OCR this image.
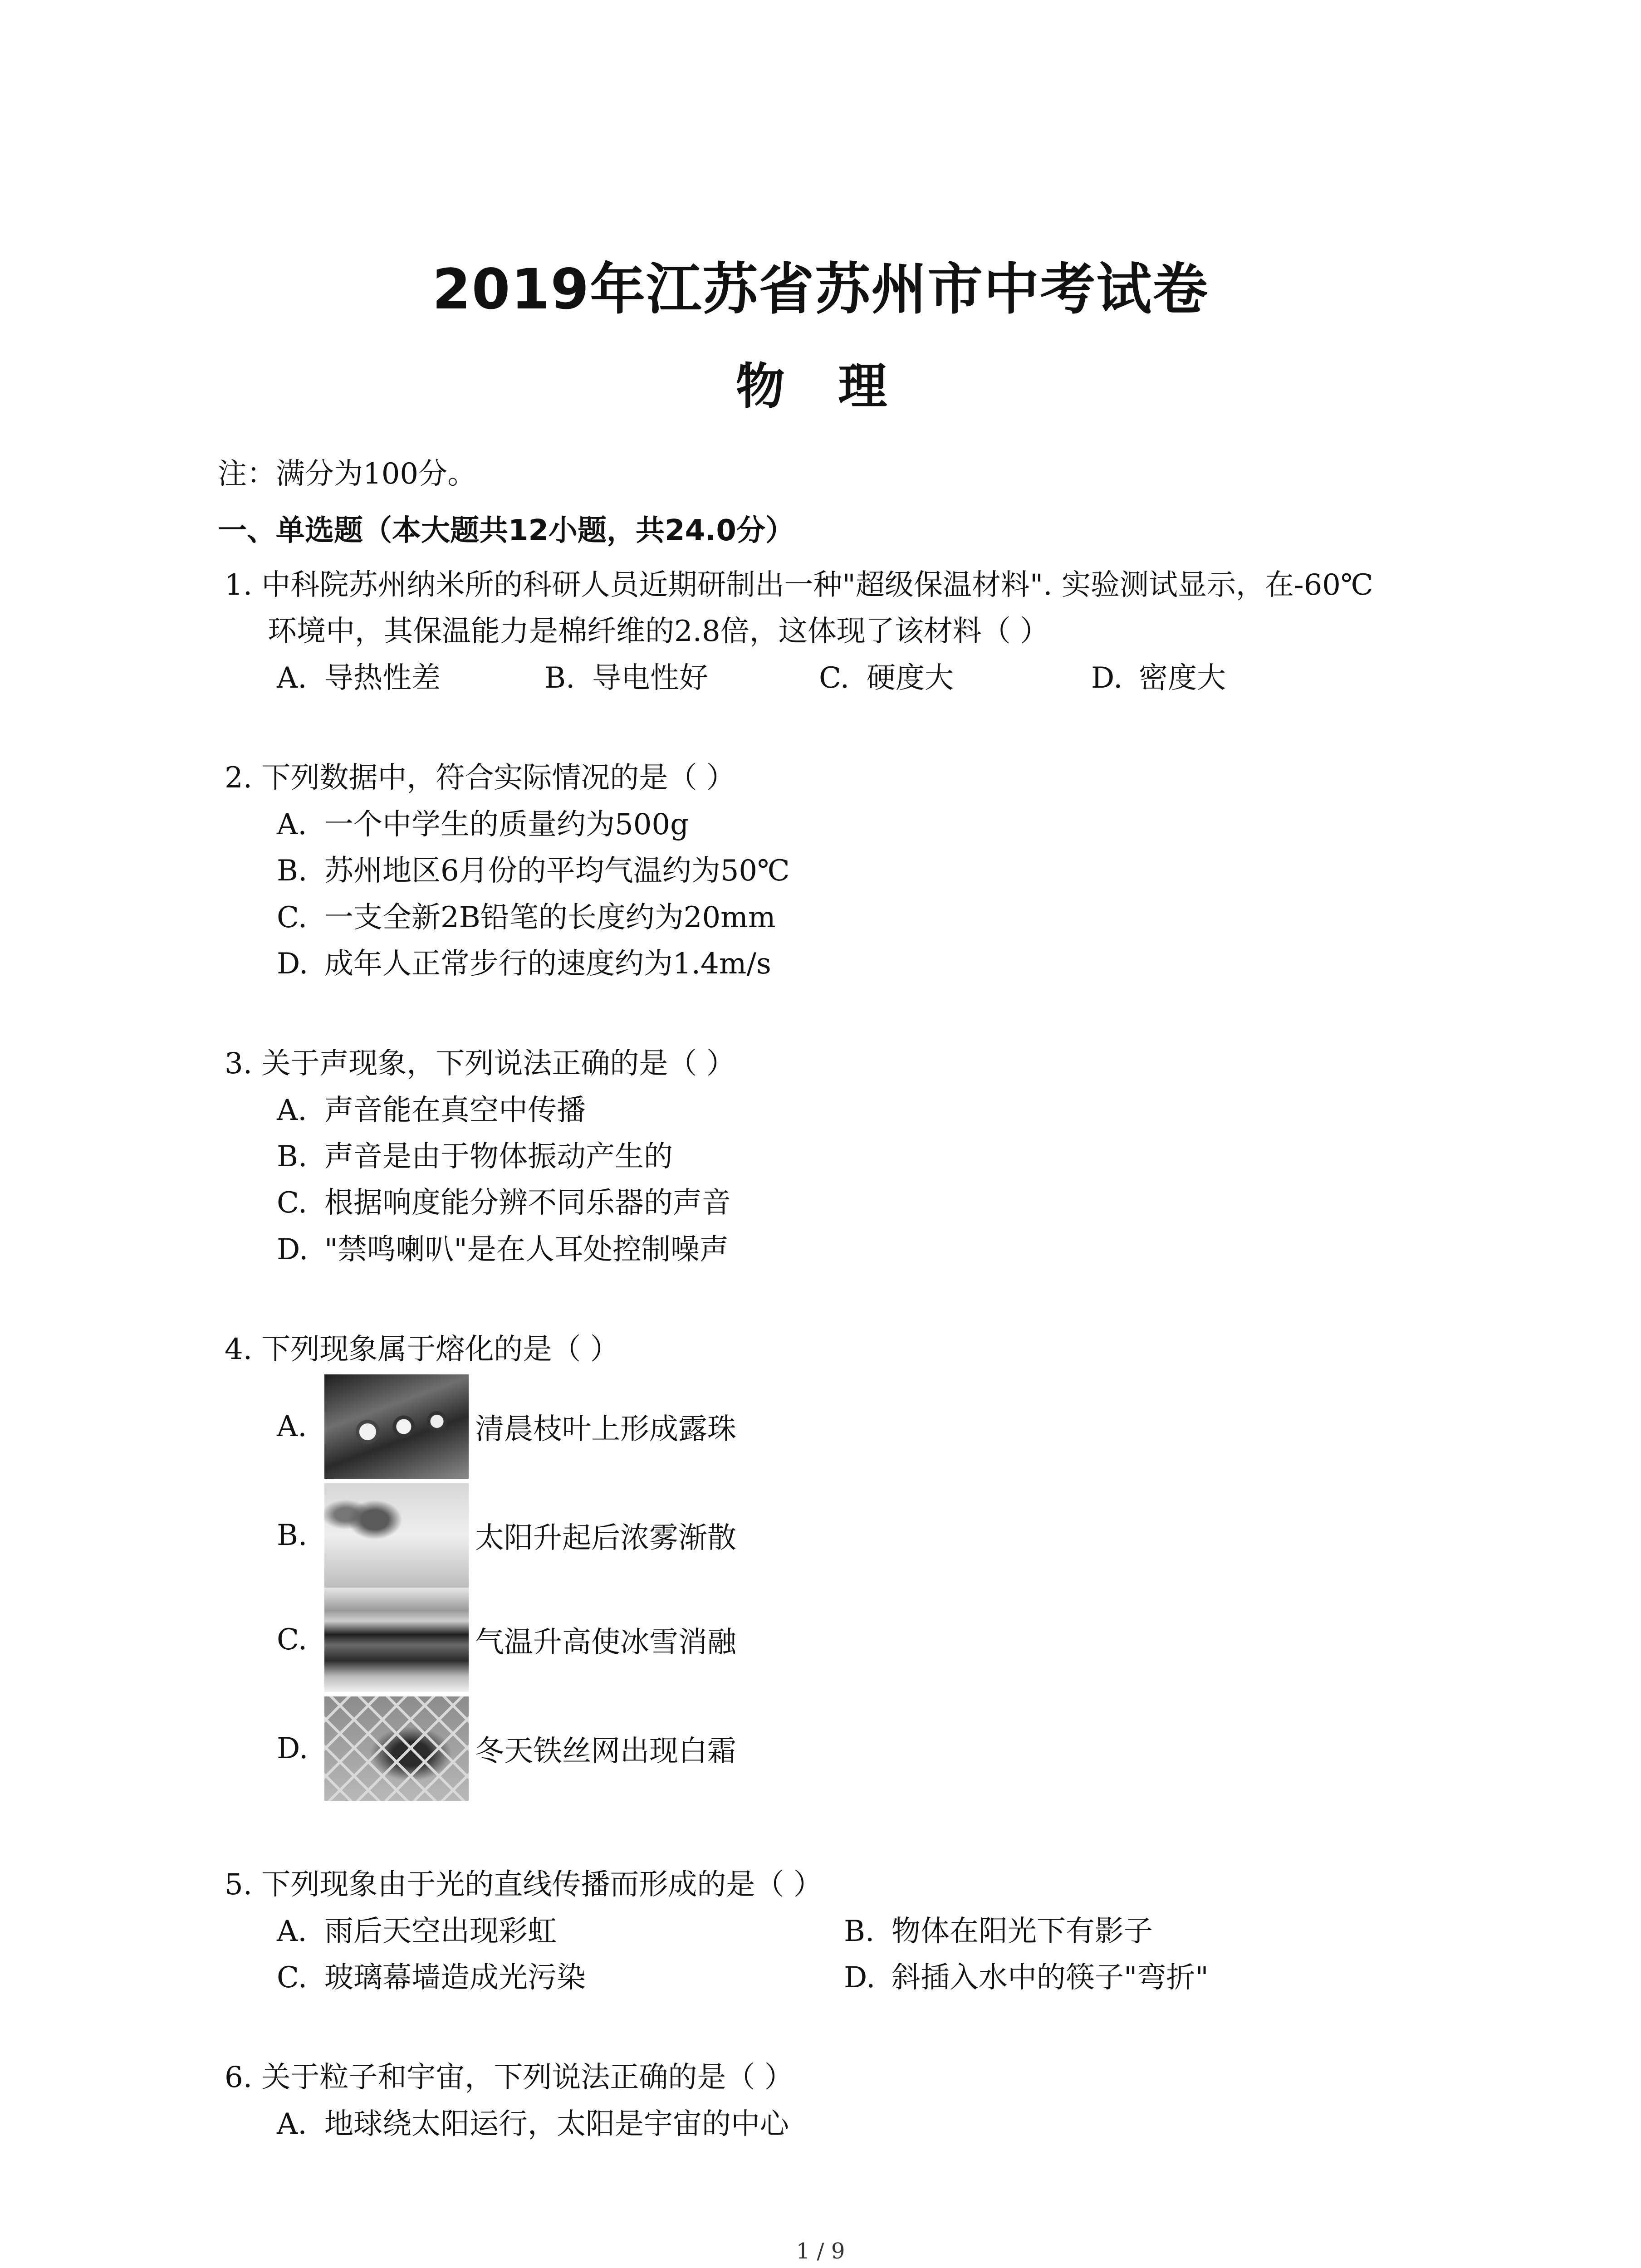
2019年江苏省苏州市中考试卷
物 理
注：满分为100分。
一、单选题（本大题共12小题，共24.0分）
1. 中科院苏州纳米所的科研人员近期研制出一种"超级保温材料". 实验测试显示，在-60℃
环境中，其保温能力是棉纤维的2.8倍，这体现了该材料（ ）
A. 导热性差	B. 导电性好	C. 硬度大	D. 密度大
2. 下列数据中，符合实际情况的是（ ）
A. 一个中学生的质量约为500g
B. 苏州地区6月份的平均气温约为50℃
C. 一支全新2B铅笔的长度约为20mm
D. 成年人正常步行的速度约为1.4m/s
3. 关于声现象，下列说法正确的是（ ）
A. 声音能在真空中传播
B. 声音是由于物体振动产生的
C. 根据响度能分辨不同乐器的声音
D. "禁鸣喇叭"是在人耳处控制噪声
4. 下列现象属于熔化的是（ ）
A.	清晨枝叶上形成露珠
B.	太阳升起后浓雾渐散
C.	气温升高使冰雪消融
D.	冬天铁丝网出现白霜
5. 下列现象由于光的直线传播而形成的是（ ）
A. 雨后天空出现彩虹	B. 物体在阳光下有影子
C. 玻璃幕墙造成光污染	D. 斜插入水中的筷子"弯折"
6. 关于粒子和宇宙，下列说法正确的是（ ）
A. 地球绕太阳运行，太阳是宇宙的中心
1 / 9
